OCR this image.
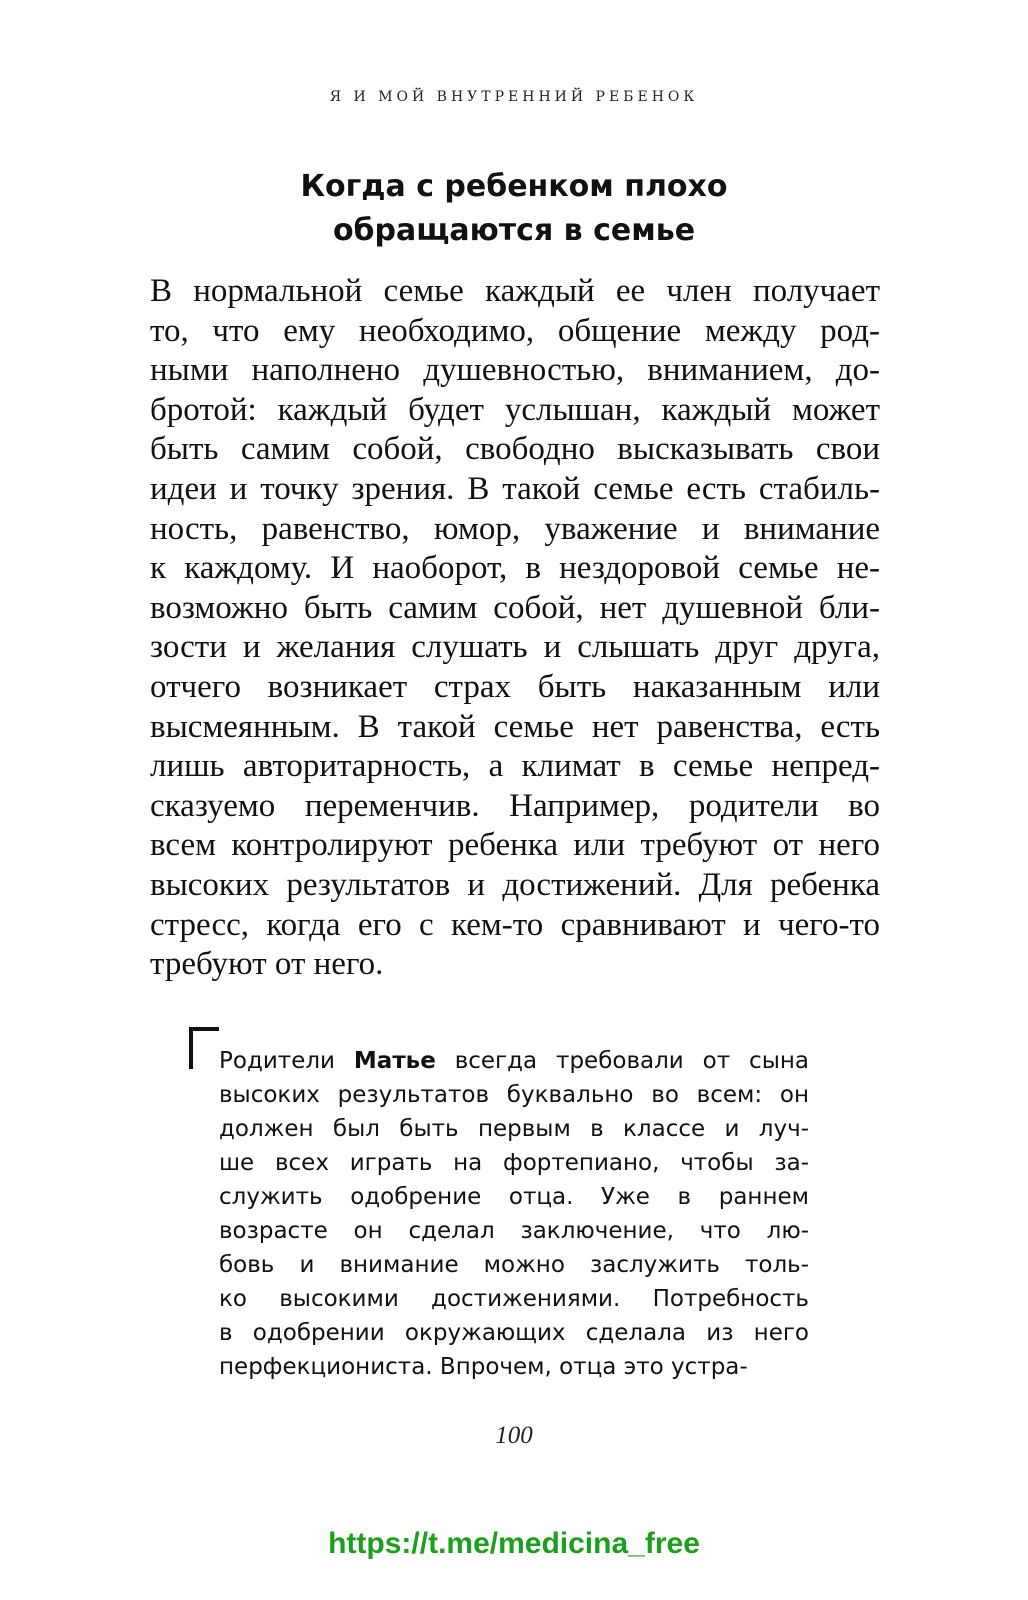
Я И МОЙ ВНУТРЕННИЙ РЕБЕНОК
Когда с ребенком плохо
обращаются в семье
В нормальной семье каждый ее член получает
то, что ему необходимо, общение между род-
ными наполнено душевностью, вниманием, до-
бротой: каждый будет услышан, каждый может
быть самим собой, свободно высказывать свои
идеи и точку зрения. В такой семье есть стабиль-
ность, равенство, юмор, уважение и внимание
к каждому. И наоборот, в нездоровой семье не-
возможно быть самим собой, нет душевной бли-
зости и желания слушать и слышать друг друга,
отчего возникает страх быть наказанным или
высмеянным. В такой семье нет равенства, есть
лишь авторитарность, а климат в семье непред-
сказуемо переменчив. Например, родители во
всем контролируют ребенка или требуют от него
высоких результатов и достижений. Для ребенка
стресс, когда его с кем-то сравнивают и чего-то
требуют от него.
Родители Матье всегда требовали от сына
высоких результатов буквально во всем: он
должен был быть первым в классе и луч-
ше всех играть на фортепиано, чтобы за-
служить одобрение отца. Уже в раннем
возрасте он сделал заключение, что лю-
бовь и внимание можно заслужить толь-
ко высокими достижениями. Потребность
в одобрении окружающих сделала из него
перфекциониста. Впрочем, отца это устра-
100
https://t.me/medicina_free
